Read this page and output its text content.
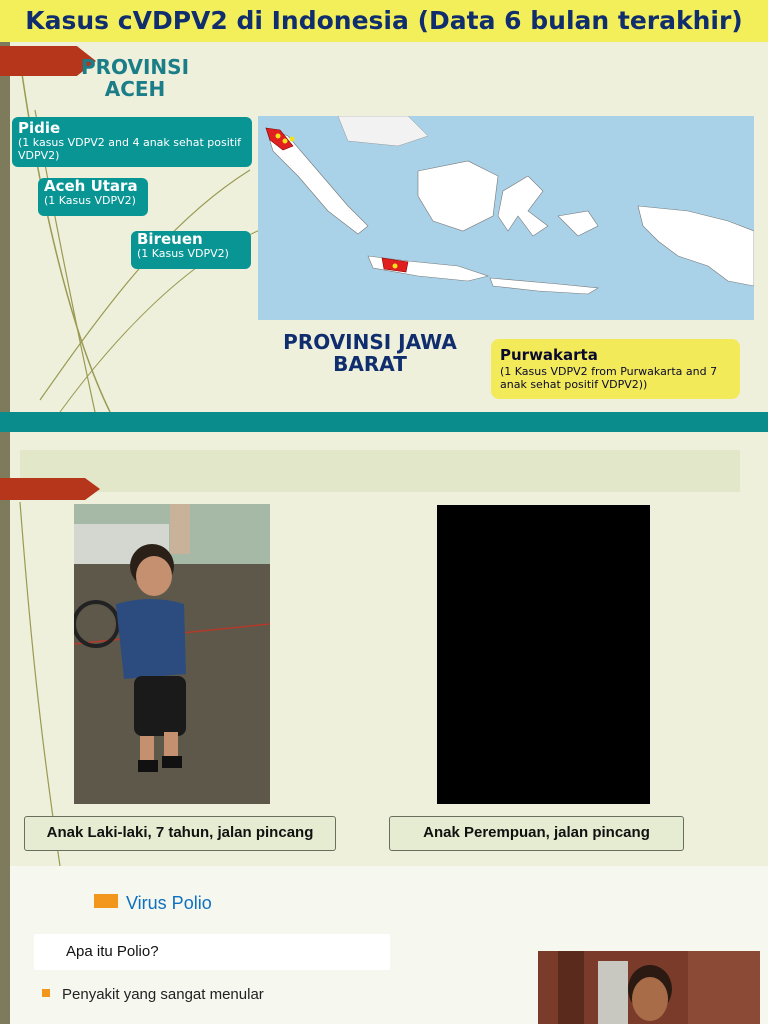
Kasus cVDPV2 di Indonesia (Data 6 bulan terakhir)
PROVINSI
ACEH
Pidie
(1 kasus VDPV2 and 4 anak sehat positif VDPV2)
Aceh Utara
(1 Kasus VDPV2)
Bireuen
(1 Kasus VDPV2)
PROVINSI JAWA
BARAT	Purwakarta
(1 Kasus VDPV2 from Purwakarta and 7 anak sehat positif VDPV2))
Anak Laki-laki, 7 tahun, jalan pincang	Anak Perempuan, jalan pincang
Virus Polio
Apa itu Polio?
Penyakit yang sangat menular
